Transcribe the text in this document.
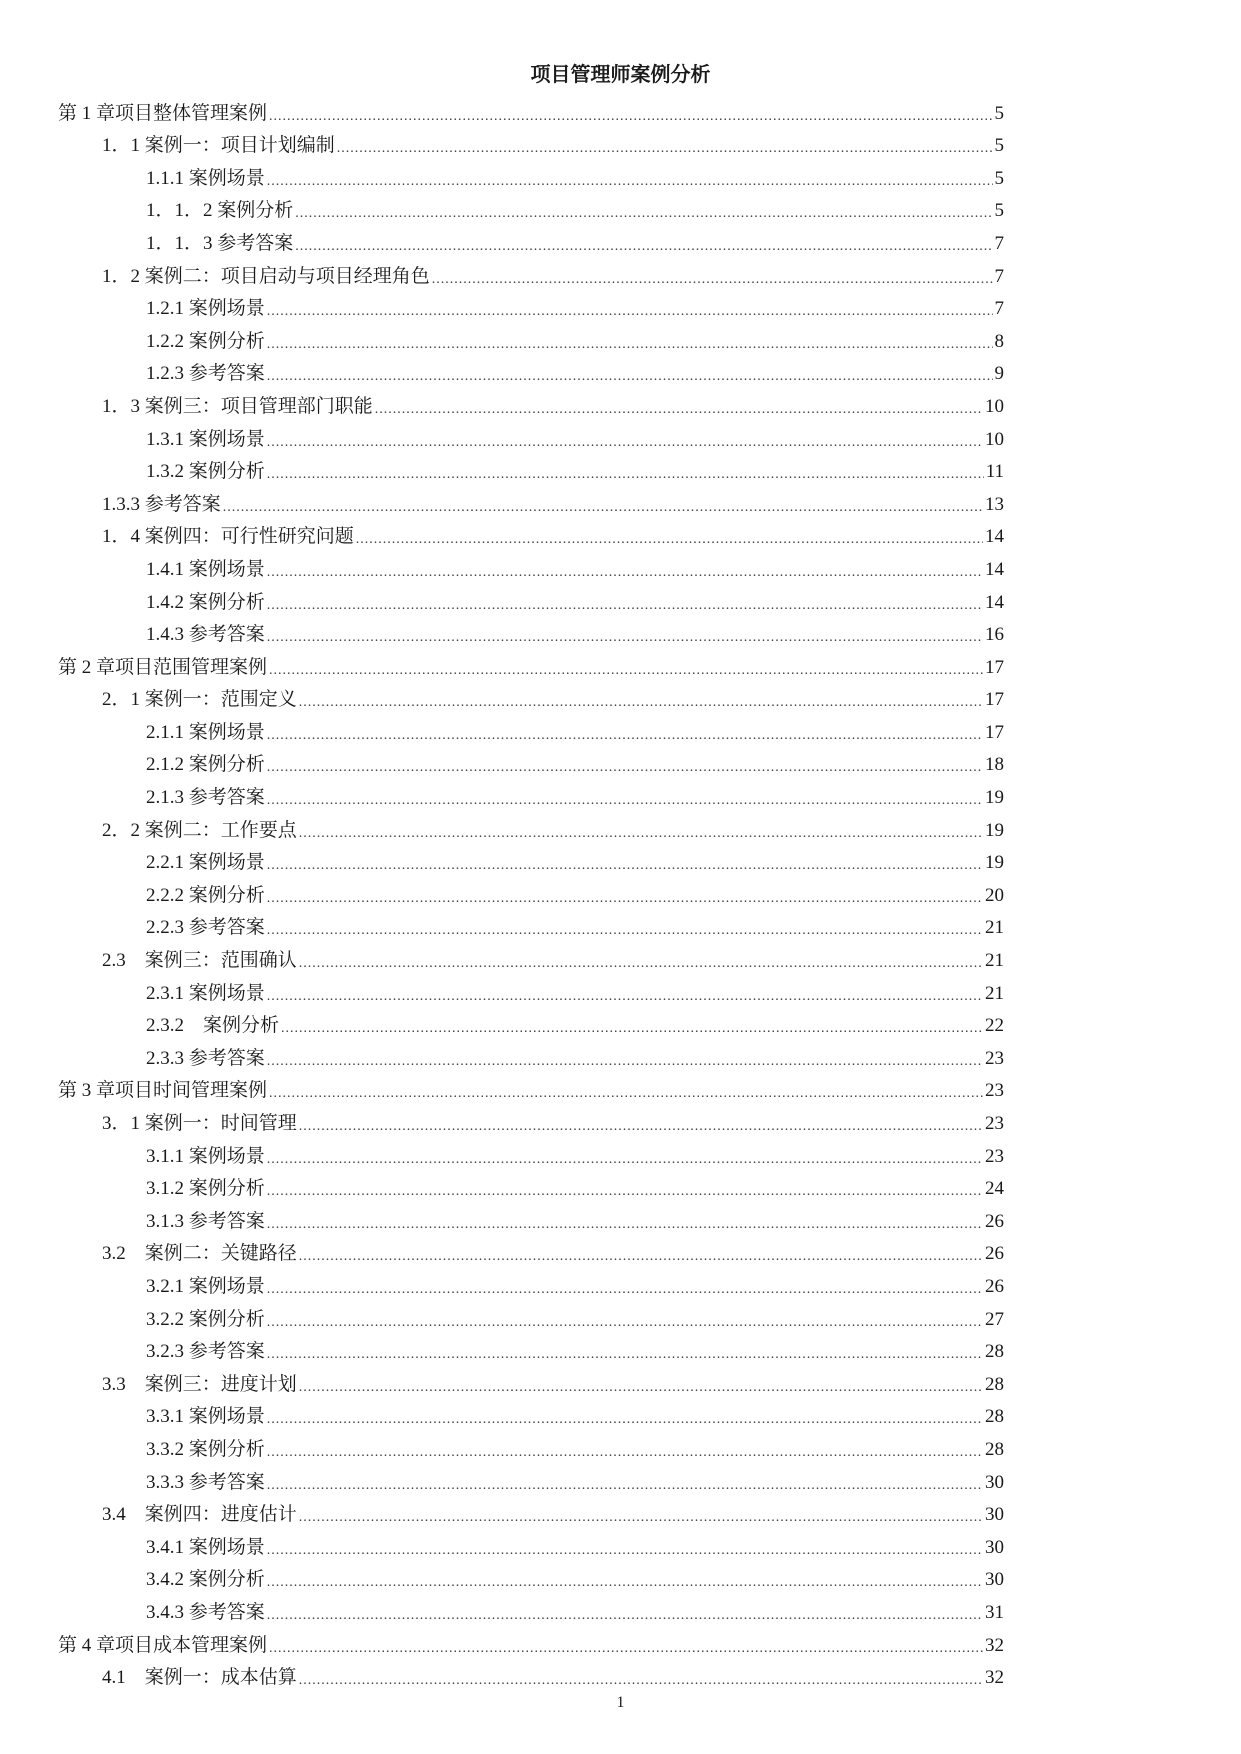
项目管理师案例分析
第 1 章项目整体管理案例 .....	5
1．1 案例一：项目计划编制 .....	5
1.1.1 案例场景 .....	5
1．1．2 案例分析 .....	5
1．1．3 参考答案 .....	7
1．2 案例二：项目启动与项目经理角色 .....	7
1.2.1 案例场景 .....	7
1.2.2 案例分析 .....	8
1.2.3 参考答案 .....	9
1．3 案例三：项目管理部门职能 .....	10
1.3.1 案例场景 .....	10
1.3.2 案例分析 .....	11
1.3.3 参考答案 .....	13
1．4 案例四：可行性研究问题 .....	14
1.4.1 案例场景 .....	14
1.4.2 案例分析 .....	14
1.4.3 参考答案 .....	16
第 2 章项目范围管理案例 .....	17
2．1 案例一：范围定义 .....	17
2.1.1 案例场景 .....	17
2.1.2 案例分析 .....	18
2.1.3 参考答案 .....	19
2．2 案例二：工作要点 .....	19
2.2.1 案例场景 .....	19
2.2.2 案例分析 .....	20
2.2.3 参考答案 .....	21
2.3　案例三：范围确认 .....	21
2.3.1 案例场景 .....	21
2.3.2　案例分析 .....	22
2.3.3 参考答案 .....	23
第 3 章项目时间管理案例 .....	23
3．1 案例一：时间管理 .....	23
3.1.1 案例场景 .....	23
3.1.2 案例分析 .....	24
3.1.3 参考答案 .....	26
3.2　案例二：关键路径 .....	26
3.2.1 案例场景 .....	26
3.2.2 案例分析 .....	27
3.2.3 参考答案 .....	28
3.3　案例三：进度计划 .....	28
3.3.1 案例场景 .....	28
3.3.2 案例分析 .....	28
3.3.3 参考答案 .....	30
3.4　案例四：进度估计 .....	30
3.4.1 案例场景 .....	30
3.4.2 案例分析 .....	30
3.4.3 参考答案 .....	31
第 4 章项目成本管理案例 .....	32
4.1　案例一：成本估算 .....	32
1
